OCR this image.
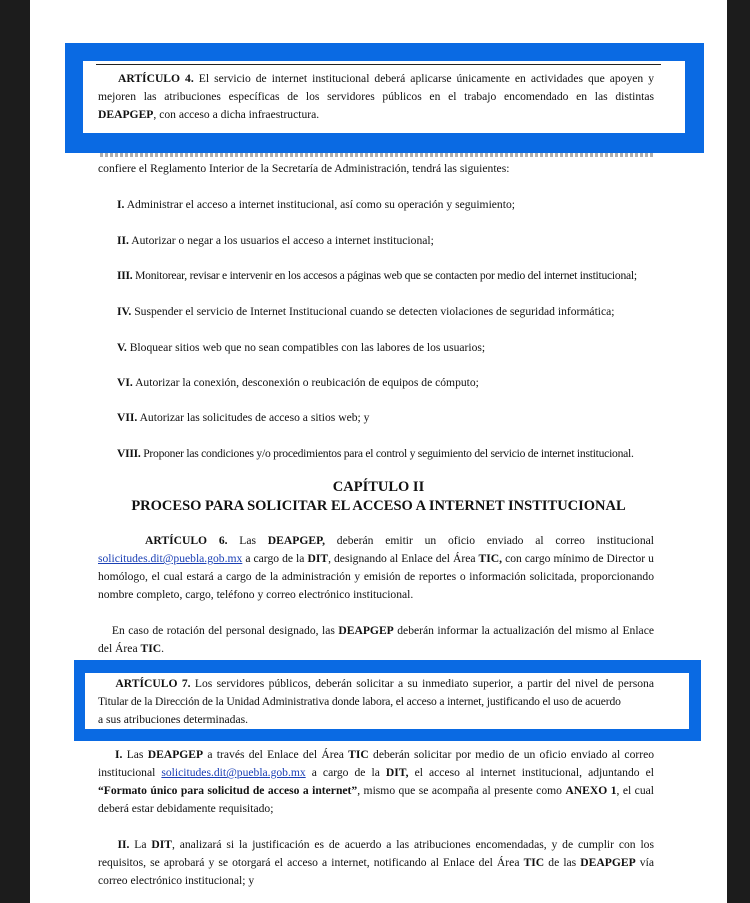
ARTÍCULO 4. El servicio de internet institucional deberá aplicarse únicamente en actividades que apoyen y
mejoren las atribuciones específicas de los servidores públicos en el trabajo encomendado en las distintas
DEAPGEP, con acceso a dicha infraestructura.
confiere el Reglamento Interior de la Secretaría de Administración, tendrá las siguientes:
I. Administrar el acceso a internet institucional, así como su operación y seguimiento;
II. Autorizar o negar a los usuarios el acceso a internet institucional;
III. Monitorear, revisar e intervenir en los accesos a páginas web que se contacten por medio del internet institucional;
IV. Suspender el servicio de Internet Institucional cuando se detecten violaciones de seguridad informática;
V. Bloquear sitios web que no sean compatibles con las labores de los usuarios;
VI. Autorizar la conexión, desconexión o reubicación de equipos de cómputo;
VII. Autorizar las solicitudes de acceso a sitios web; y
VIII. Proponer las condiciones y/o procedimientos para el control y seguimiento del servicio de internet institucional.
CAPÍTULO II
PROCESO PARA SOLICITAR EL ACCESO A INTERNET INSTITUCIONAL
ARTÍCULO 6. Las DEAPGEP, deberán emitir un oficio enviado al correo institucional
solicitudes.dit@puebla.gob.mx a cargo de la DIT, designando al Enlace del Área TIC, con cargo mínimo de Director u homólogo, el cual estará a cargo de la administración y emisión de reportes o información solicitada, proporcionando nombre completo, cargo, teléfono y correo electrónico institucional.
En caso de rotación del personal designado, las DEAPGEP deberán informar la actualización del mismo al Enlace del Área TIC.
ARTÍCULO 7. Los servidores públicos, deberán solicitar a su inmediato superior, a partir del nivel de persona
Titular de la Dirección de la Unidad Administrativa donde labora, el acceso a internet, justificando el uso de acuerdo
a sus atribuciones determinadas.
I. Las DEAPGEP a través del Enlace del Área TIC deberán solicitar por medio de un oficio enviado al correo institucional solicitudes.dit@puebla.gob.mx a cargo de la DIT, el acceso al internet institucional, adjuntando el “Formato único para solicitud de acceso a internet”, mismo que se acompaña al presente como ANEXO 1, el cual deberá estar debidamente requisitado;
II. La DIT, analizará si la justificación es de acuerdo a las atribuciones encomendadas, y de cumplir con los requisitos, se aprobará y se otorgará el acceso a internet, notificando al Enlace del Área TIC de las DEAPGEP vía correo electrónico institucional; y
